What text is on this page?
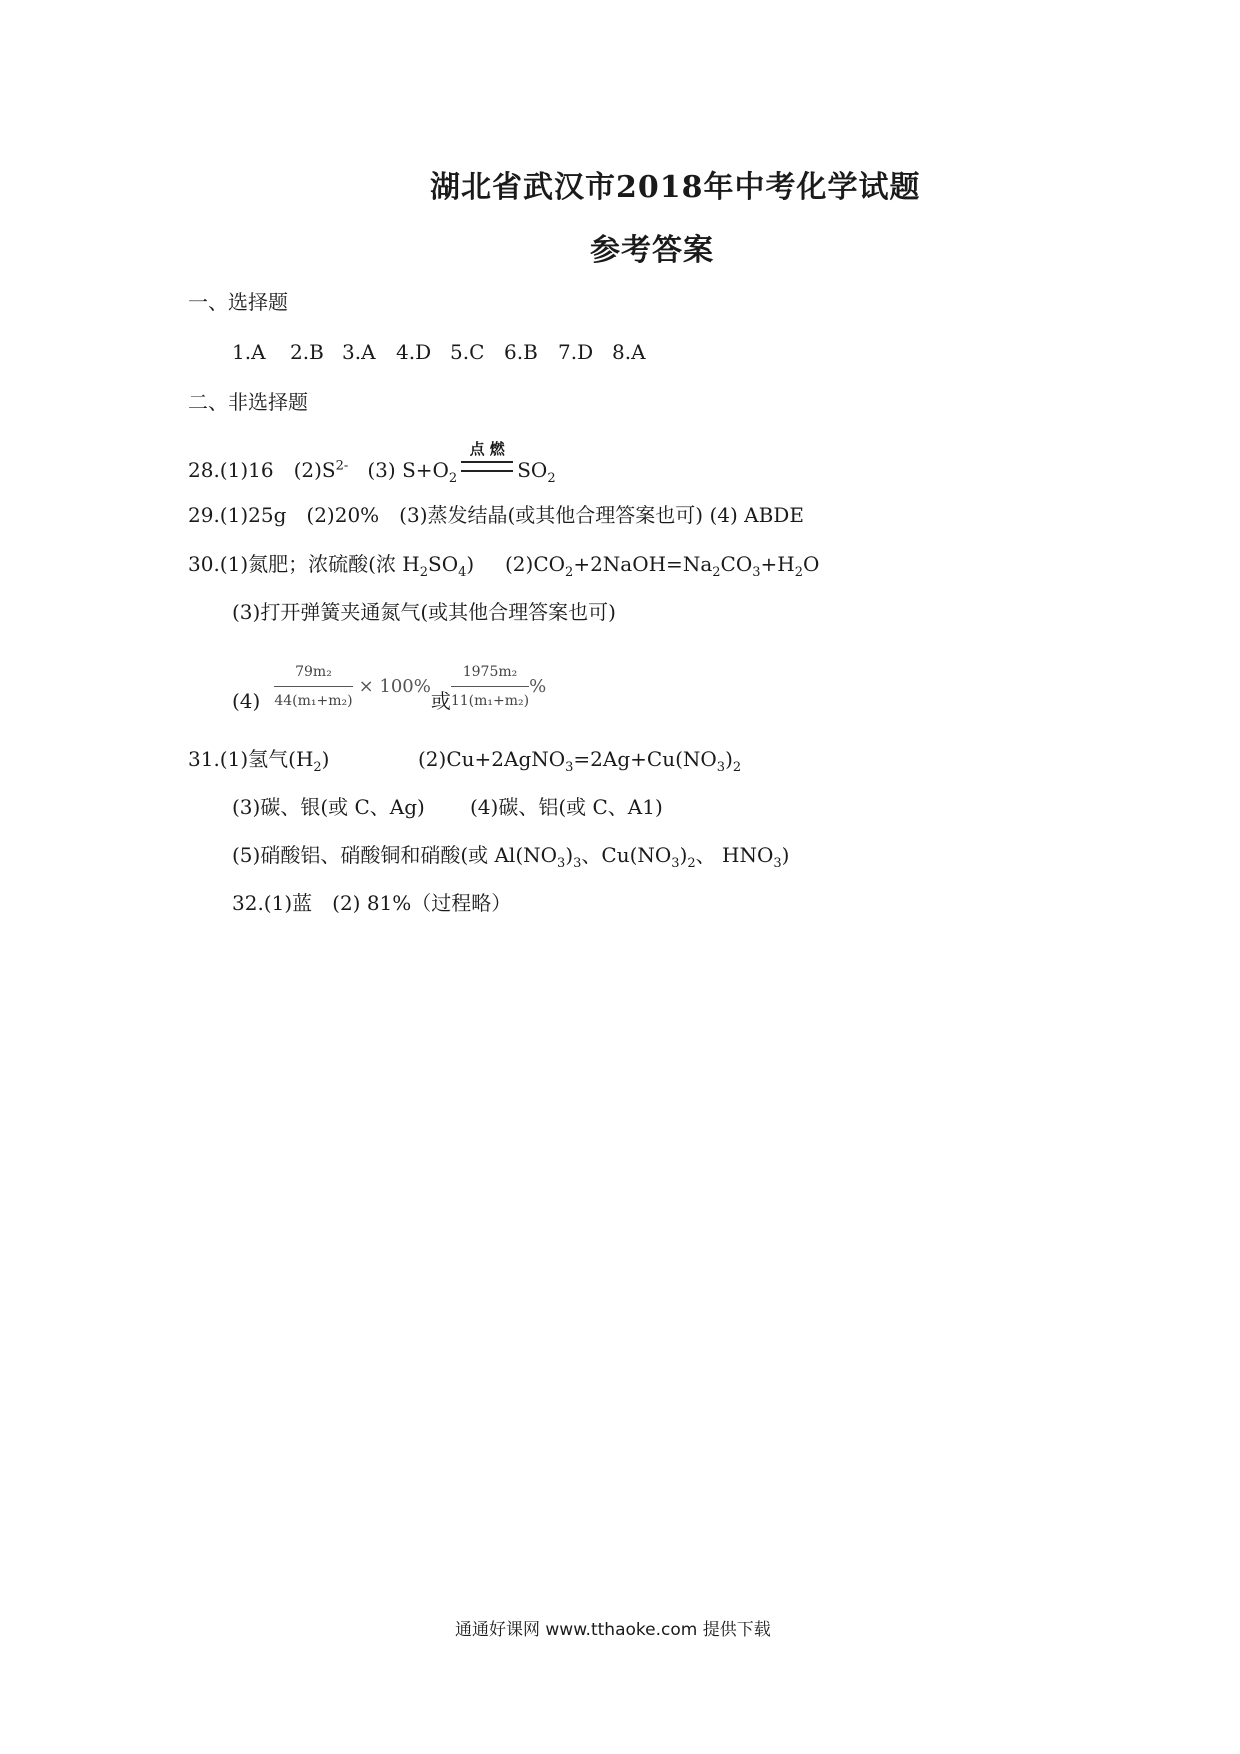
湖北省武汉市2018年中考化学试题
参考答案
一、选择题
1.A	2.B 3.A	4.D 5.C 6.B	7.D 8.A
二、非选择题
28.(1)16　$(2)S^{2-}$ (3) $S+O_2$
点 燃
$SO_2$
29.(1)25g　(2)20%　(3)蒸发结晶(或其他合理答案也可) (4) ABDE
30.(1)氮肥；浓硫酸(浓 $H_2SO_4$) $(2)CO_2+2NaOH=Na_2CO_3+H_2O$
(3)打开弹簧夹通氮气(或其他合理答案也可)
$(4) \frac{\text{79m₂}}{\text{44(m₁+m₂)}} \times 100\%$
或 $\frac{\text{1975m₂}}{\text{11(m₁+m₂)}}$ %
31.(1)氢气$(H_2)$	$(2)Cu+2AgNO_3=2Ag+Cu(NO_3)_2$
(3)碳、银(或 C、Ag) (4)碳、铝(或 C、A1)
(5)硝酸铝、硝酸铜和硝酸(或 $Al(NO_3)_3$、$Cu(NO_3)_2$、 $HNO_3$)
32.(1)蓝　(2) 81%（过程略）
通通好课网 www.tthaoke.com 提供下载
